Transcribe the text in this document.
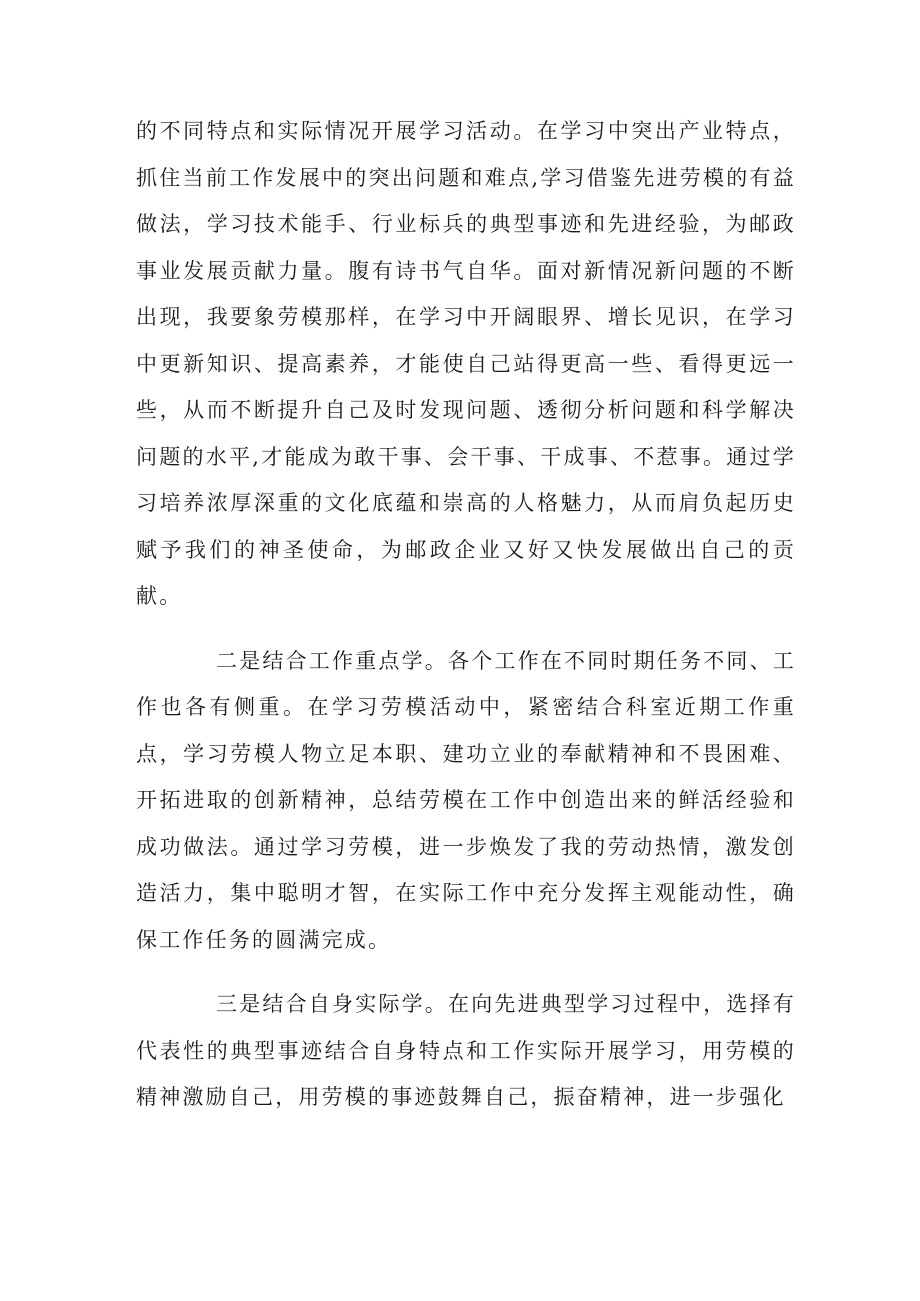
的不同特点和实际情况开展学习活动。在学习中突出产业特点，抓住当前工作发展中的突出问题和难点,学习借鉴先进劳模的有益做法，学习技术能手、行业标兵的典型事迹和先进经验，为邮政事业发展贡献力量。腹有诗书气自华。面对新情况新问题的不断出现，我要象劳模那样，在学习中开阔眼界、增长见识，在学习中更新知识、提高素养，才能使自己站得更高一些、看得更远一些，从而不断提升自己及时发现问题、透彻分析问题和科学解决问题的水平,才能成为敢干事、会干事、干成事、不惹事。通过学习培养浓厚深重的文化底蕴和崇高的人格魅力，从而肩负起历史赋予我们的神圣使命，为邮政企业又好又快发展做出自己的贡献。

二是结合工作重点学。各个工作在不同时期任务不同、工作也各有侧重。在学习劳模活动中，紧密结合科室近期工作重点，学习劳模人物立足本职、建功立业的奉献精神和不畏困难、开拓进取的创新精神，总结劳模在工作中创造出来的鲜活经验和成功做法。通过学习劳模，进一步焕发了我的劳动热情，激发创造活力，集中聪明才智，在实际工作中充分发挥主观能动性，确保工作任务的圆满完成。

三是结合自身实际学。在向先进典型学习过程中，选择有代表性的典型事迹结合自身特点和工作实际开展学习，用劳模的精神激励自己，用劳模的事迹鼓舞自己，振奋精神，进一步强化
